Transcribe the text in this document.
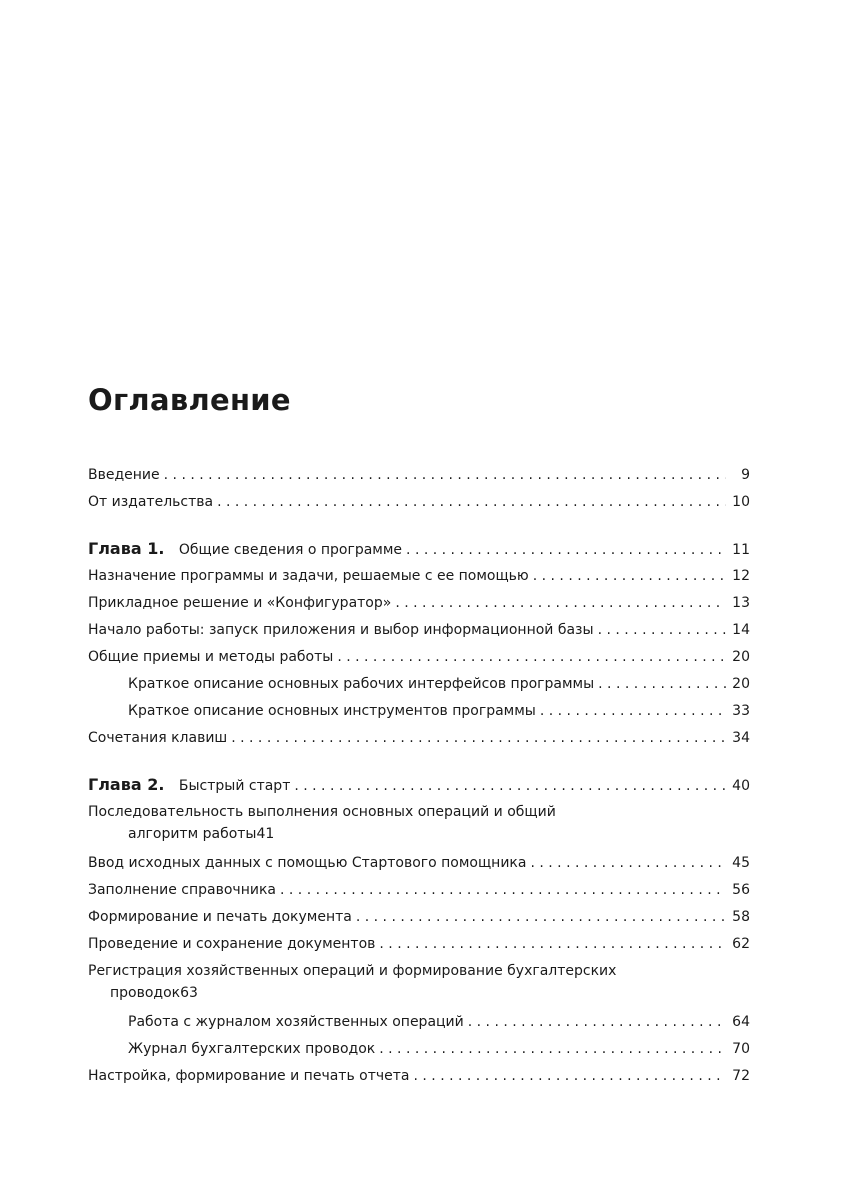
Оглавление
Введение . . .	9
От издательства . . .	10
Глава 1. Общие сведения о программе . . .	11
Назначение программы и задачи, решаемые с ее помощью . . .	12
Прикладное решение и «Конфигуратор» . . .	13
Начало работы: запуск приложения и выбор информационной базы . . .	14
Общие приемы и методы работы . . .	20
Краткое описание основных рабочих интерфейсов программы . . .	20
Краткое описание основных инструментов программы . . .	33
Сочетания клавиш . . .	34
Глава 2. Быстрый старт . . .	40
Последовательность выполнения основных операций и общий
алгоритм работы 41
Ввод исходных данных с помощью Стартового помощника . . .	45
Заполнение справочника . . .	56
Формирование и печать документа . . .	58
Проведение и сохранение документов . . .	62
Регистрация хозяйственных операций и формирование бухгалтерских
проводок 63
Работа с журналом хозяйственных операций . . .	64
Журнал бухгалтерских проводок . . .	70
Настройка, формирование и печать отчета . . .	72
